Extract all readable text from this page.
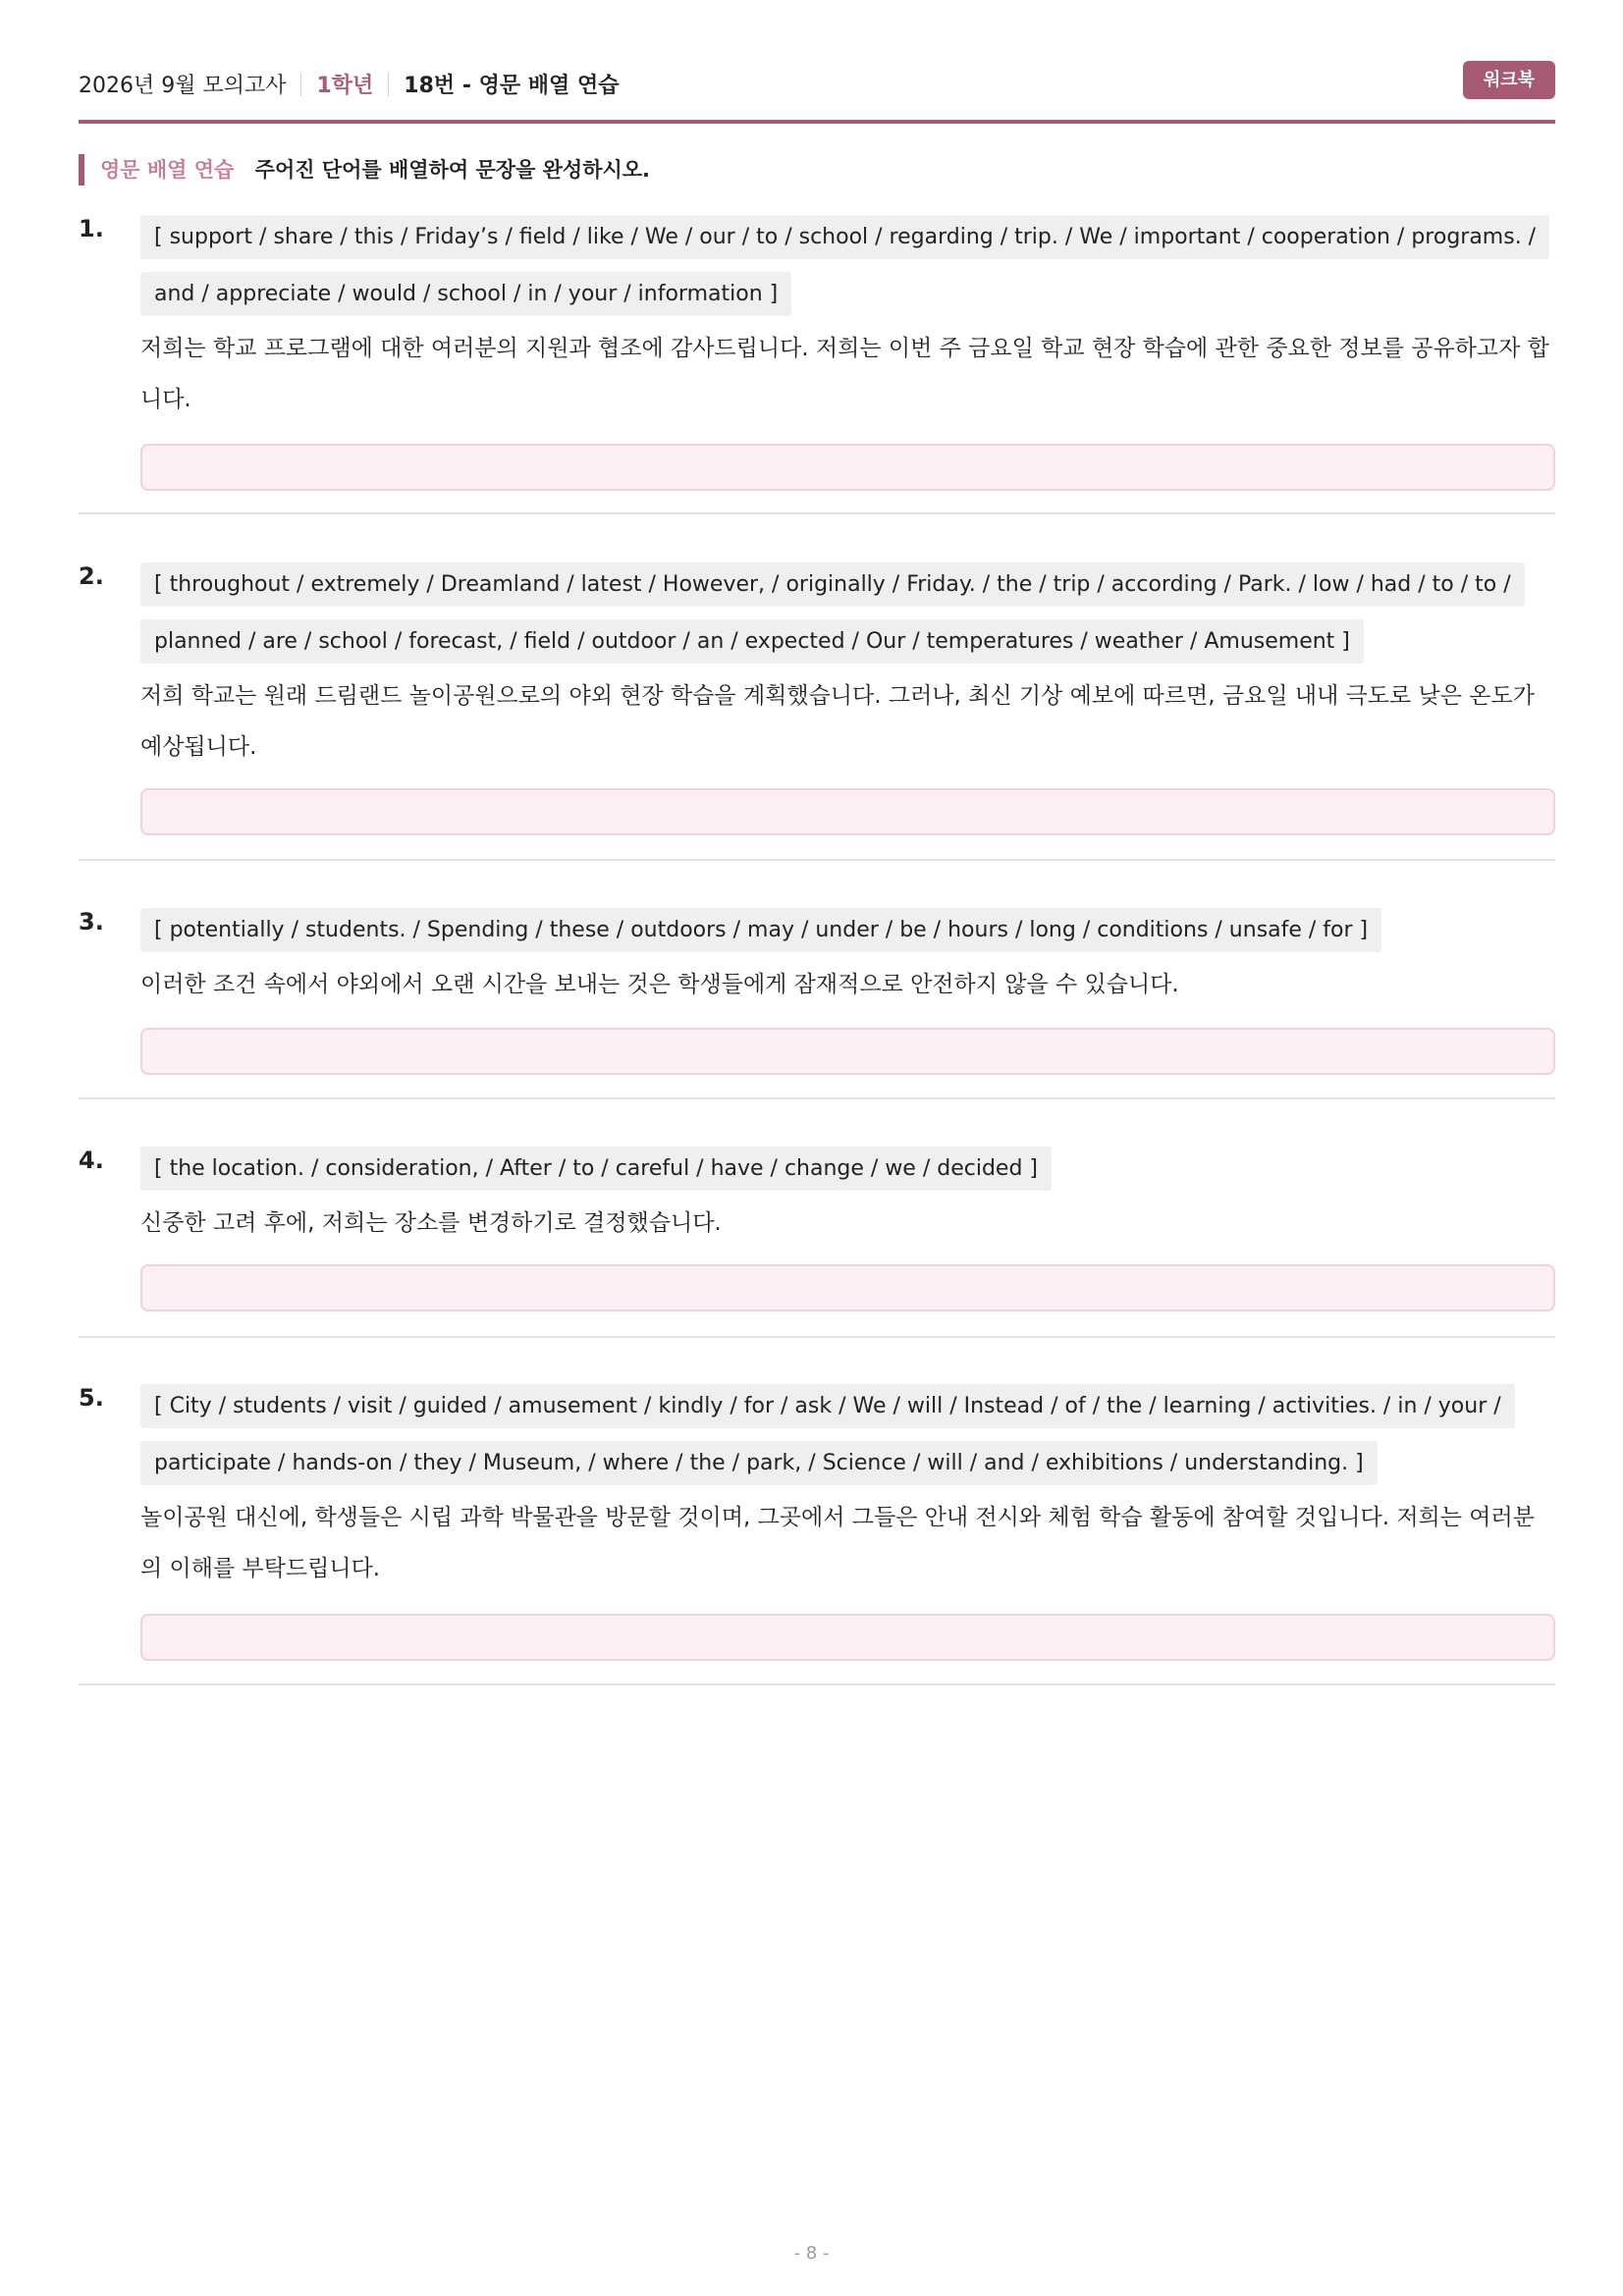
2026년 9월 모의고사 1학년 18번 - 영문 배열 연습	워크북
영문 배열 연습 주어진 단어를 배열하여 문장을 완성하시오.
1.	[ support / share / this / Friday’s / field / like / We / our / to / school / regarding / trip. / We / important / cooperation / programs. / and / appreciate / would / school / in / your / information ]

저희는 학교 프로그램에 대한 여러분의 지원과 협조에 감사드립니다. 저희는 이번 주 금요일 학교 현장 학습에 관한 중요한 정보를 공유하고자 합니다.
2.	[ throughout / extremely / Dreamland / latest / However, / originally / Friday. / the / trip / according / Park. / low / had / to / to / planned / are / school / forecast, / field / outdoor / an / expected / Our / temperatures / weather / Amusement ]

저희 학교는 원래 드림랜드 놀이공원으로의 야외 현장 학습을 계획했습니다. 그러나, 최신 기상 예보에 따르면, 금요일 내내 극도로 낮은 온도가 예상됩니다.
3.	[ potentially / students. / Spending / these / outdoors / may / under / be / hours / long / conditions / unsafe / for ]

이러한 조건 속에서 야외에서 오랜 시간을 보내는 것은 학생들에게 잠재적으로 안전하지 않을 수 있습니다.
4.	[ the location. / consideration, / After / to / careful / have / change / we / decided ]

신중한 고려 후에, 저희는 장소를 변경하기로 결정했습니다.
5.	[ City / students / visit / guided / amusement / kindly / for / ask / We / will / Instead / of / the / learning / activities. / in / your / participate / hands-on / they / Museum, / where / the / park, / Science / will / and / exhibitions / understanding. ]

놀이공원 대신에, 학생들은 시립 과학 박물관을 방문할 것이며, 그곳에서 그들은 안내 전시와 체험 학습 활동에 참여할 것입니다. 저희는 여러분의 이해를 부탁드립니다.
- 8 -
